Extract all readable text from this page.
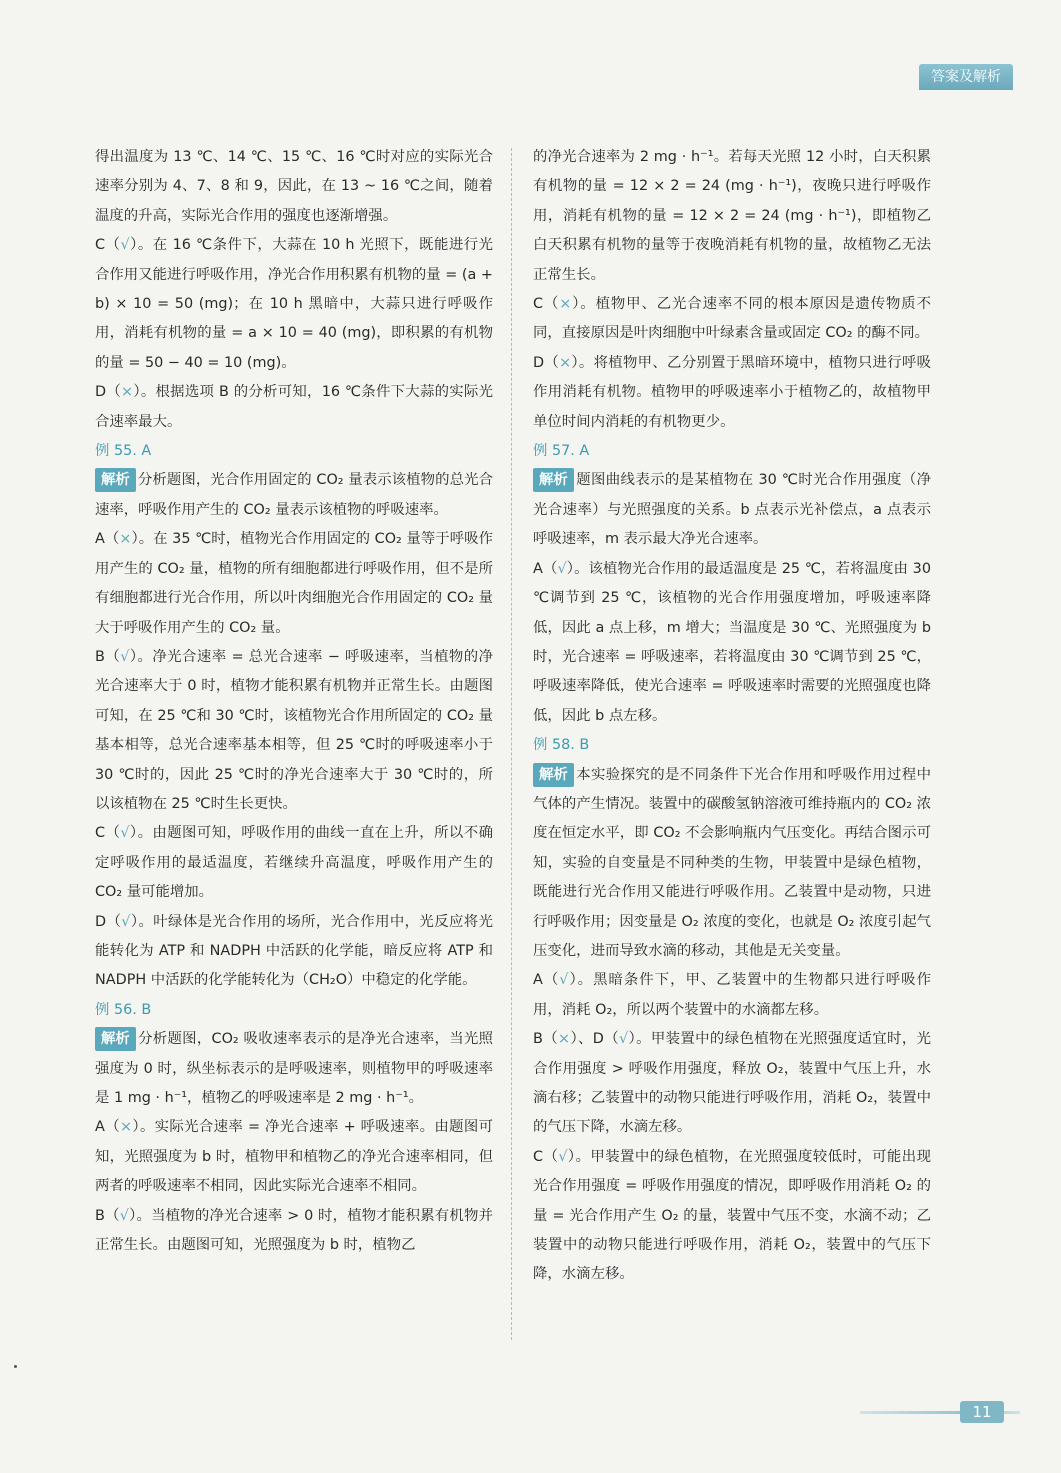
答案及解析

得出温度为 13 ℃、14 ℃、15 ℃、16 ℃时对应的实际光合速率分别为 4、7、8 和 9，因此，在 13 ~ 16 ℃之间，随着温度的升高，实际光合作用的强度也逐渐增强。

C（√）。在 16 ℃条件下，大蒜在 10 h 光照下，既能进行光合作用又能进行呼吸作用，净光合作用积累有机物的量 = (a + b) × 10 = 50 (mg)；在 10 h 黑暗中，大蒜只进行呼吸作用，消耗有机物的量 = a × 10 = 40 (mg)，即积累的有机物的量 = 50 − 40 = 10 (mg)。

D（×）。根据选项 B 的分析可知，16 ℃条件下大蒜的实际光合速率最大。

例 55. A

解析 分析题图，光合作用固定的 CO₂ 量表示该植物的总光合速率，呼吸作用产生的 CO₂ 量表示该植物的呼吸速率。

A（×）。在 35 ℃时，植物光合作用固定的 CO₂ 量等于呼吸作用产生的 CO₂ 量，植物的所有细胞都进行呼吸作用，但不是所有细胞都进行光合作用，所以叶肉细胞光合作用固定的 CO₂ 量大于呼吸作用产生的 CO₂ 量。

B（√）。净光合速率 = 总光合速率 − 呼吸速率，当植物的净光合速率大于 0 时，植物才能积累有机物并正常生长。由题图可知，在 25 ℃和 30 ℃时，该植物光合作用所固定的 CO₂ 量基本相等，总光合速率基本相等，但 25 ℃时的呼吸速率小于 30 ℃时的，因此 25 ℃时的净光合速率大于 30 ℃时的，所以该植物在 25 ℃时生长更快。

C（√）。由题图可知，呼吸作用的曲线一直在上升，所以不确定呼吸作用的最适温度，若继续升高温度，呼吸作用产生的 CO₂ 量可能增加。

D（√）。叶绿体是光合作用的场所，光合作用中，光反应将光能转化为 ATP 和 NADPH 中活跃的化学能，暗反应将 ATP 和 NADPH 中活跃的化学能转化为（CH₂O）中稳定的化学能。

例 56. B

解析 分析题图，CO₂ 吸收速率表示的是净光合速率，当光照强度为 0 时，纵坐标表示的是呼吸速率，则植物甲的呼吸速率是 1 mg · h⁻¹，植物乙的呼吸速率是 2 mg · h⁻¹。

A（×）。实际光合速率 = 净光合速率 + 呼吸速率。由题图可知，光照强度为 b 时，植物甲和植物乙的净光合速率相同，但两者的呼吸速率不相同，因此实际光合速率不相同。

B（√）。当植物的净光合速率 > 0 时，植物才能积累有机物并正常生长。由题图可知，光照强度为 b 时，植物乙

的净光合速率为 2 mg · h⁻¹。若每天光照 12 小时，白天积累有机物的量 = 12 × 2 = 24 (mg · h⁻¹)，夜晚只进行呼吸作用，消耗有机物的量 = 12 × 2 = 24 (mg · h⁻¹)，即植物乙白天积累有机物的量等于夜晚消耗有机物的量，故植物乙无法正常生长。

C（×）。植物甲、乙光合速率不同的根本原因是遗传物质不同，直接原因是叶肉细胞中叶绿素含量或固定 CO₂ 的酶不同。

D（×）。将植物甲、乙分别置于黑暗环境中，植物只进行呼吸作用消耗有机物。植物甲的呼吸速率小于植物乙的，故植物甲单位时间内消耗的有机物更少。

例 57. A

解析 题图曲线表示的是某植物在 30 ℃时光合作用强度（净光合速率）与光照强度的关系。b 点表示光补偿点，a 点表示呼吸速率，m 表示最大净光合速率。

A（√）。该植物光合作用的最适温度是 25 ℃，若将温度由 30 ℃调节到 25 ℃，该植物的光合作用强度增加，呼吸速率降低，因此 a 点上移，m 增大；当温度是 30 ℃、光照强度为 b 时，光合速率 = 呼吸速率，若将温度由 30 ℃调节到 25 ℃，呼吸速率降低，使光合速率 = 呼吸速率时需要的光照强度也降低，因此 b 点左移。

例 58. B

解析 本实验探究的是不同条件下光合作用和呼吸作用过程中气体的产生情况。装置中的碳酸氢钠溶液可维持瓶内的 CO₂ 浓度在恒定水平，即 CO₂ 不会影响瓶内气压变化。再结合图示可知，实验的自变量是不同种类的生物，甲装置中是绿色植物，既能进行光合作用又能进行呼吸作用。乙装置中是动物，只进行呼吸作用；因变量是 O₂ 浓度的变化，也就是 O₂ 浓度引起气压变化，进而导致水滴的移动，其他是无关变量。

A（√）。黑暗条件下，甲、乙装置中的生物都只进行呼吸作用，消耗 O₂，所以两个装置中的水滴都左移。

B（×）、D（√）。甲装置中的绿色植物在光照强度适宜时，光合作用强度 > 呼吸作用强度，释放 O₂，装置中气压上升，水滴右移；乙装置中的动物只能进行呼吸作用，消耗 O₂，装置中的气压下降，水滴左移。

C（√）。甲装置中的绿色植物，在光照强度较低时，可能出现光合作用强度 = 呼吸作用强度的情况，即呼吸作用消耗 O₂ 的量 = 光合作用产生 O₂ 的量，装置中气压不变，水滴不动；乙装置中的动物只能进行呼吸作用，消耗 O₂，装置中的气压下降，水滴左移。

11
